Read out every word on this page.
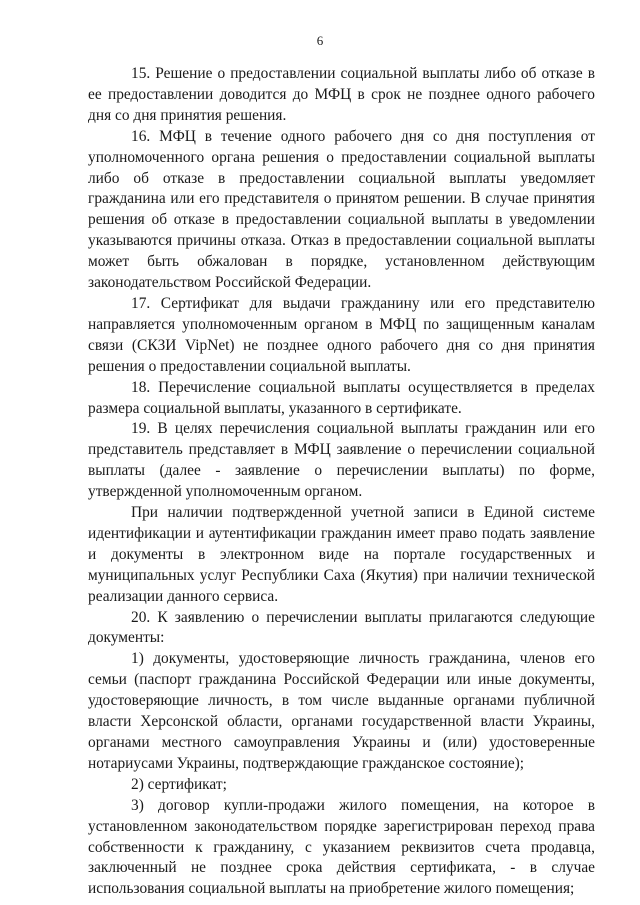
6

15. Решение о предоставлении социальной выплаты либо об отказе в ее предоставлении доводится до МФЦ в срок не позднее одного рабочего дня со дня принятия решения.

16. МФЦ в течение одного рабочего дня со дня поступления от уполномоченного органа решения о предоставлении социальной выплаты либо об отказе в предоставлении социальной выплаты уведомляет гражданина или его представителя о принятом решении. В случае принятия решения об отказе в предоставлении социальной выплаты в уведомлении указываются причины отказа. Отказ в предоставлении социальной выплаты может быть обжалован в порядке, установленном действующим законодательством Российской Федерации.

17. Сертификат для выдачи гражданину или его представителю направляется уполномоченным органом в МФЦ по защищенным каналам связи (СКЗИ VipNet) не позднее одного рабочего дня со дня принятия решения о предоставлении социальной выплаты.

18. Перечисление социальной выплаты осуществляется в пределах размера социальной выплаты, указанного в сертификате.

19. В целях перечисления социальной выплаты гражданин или его представитель представляет в МФЦ заявление о перечислении социальной выплаты (далее - заявление о перечислении выплаты) по форме, утвержденной уполномоченным органом.

При наличии подтвержденной учетной записи в Единой системе идентификации и аутентификации гражданин имеет право подать заявление и документы в электронном виде на портале государственных и муниципальных услуг Республики Саха (Якутия) при наличии технической реализации данного сервиса.

20. К заявлению о перечислении выплаты прилагаются следующие документы:

1) документы, удостоверяющие личность гражданина, членов его семьи (паспорт гражданина Российской Федерации или иные документы, удостоверяющие личность, в том числе выданные органами публичной власти Херсонской области, органами государственной власти Украины, органами местного самоуправления Украины и (или) удостоверенные нотариусами Украины, подтверждающие гражданское состояние);

2) сертификат;

3) договор купли-продажи жилого помещения, на которое в установленном законодательством порядке зарегистрирован переход права собственности к гражданину, с указанием реквизитов счета продавца, заключенный не позднее срока действия сертификата, - в случае использования социальной выплаты на приобретение жилого помещения;
